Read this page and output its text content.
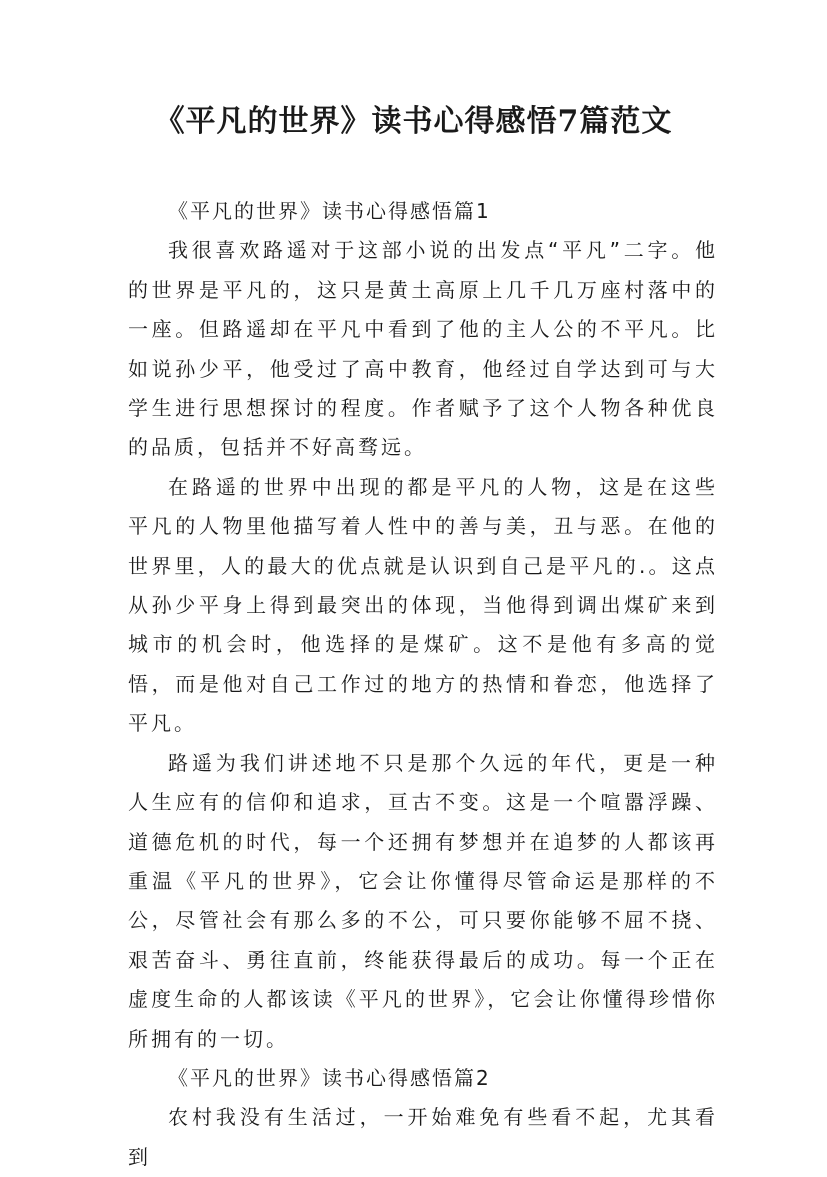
《平凡的世界》读书心得感悟7篇范文
《平凡的世界》读书心得感悟篇1

我很喜欢路遥对于这部小说的出发点“平凡”二字。他的世界是平凡的，这只是黄土高原上几千几万座村落中的一座。但路遥却在平凡中看到了他的主人公的不平凡。比如说孙少平，他受过了高中教育，他经过自学达到可与大学生进行思想探讨的程度。作者赋予了这个人物各种优良的品质，包括并不好高骛远。

在路遥的世界中出现的都是平凡的人物，这是在这些平凡的人物里他描写着人性中的善与美，丑与恶。在他的世界里，人的最大的优点就是认识到自己是平凡的.。这点从孙少平身上得到最突出的体现，当他得到调出煤矿来到城市的机会时，他选择的是煤矿。这不是他有多高的觉悟，而是他对自己工作过的地方的热情和眷恋，他选择了平凡。

路遥为我们讲述地不只是那个久远的年代，更是一种人生应有的信仰和追求，亘古不变。这是一个喧嚣浮躁、道德危机的时代，每一个还拥有梦想并在追梦的人都该再重温《平凡的世界》，它会让你懂得尽管命运是那样的不公，尽管社会有那么多的不公，可只要你能够不屈不挠、艰苦奋斗、勇往直前，终能获得最后的成功。每一个正在虚度生命的人都该读《平凡的世界》，它会让你懂得珍惜你所拥有的一切。

《平凡的世界》读书心得感悟篇2

农村我没有生活过，一开始难免有些看不起，尤其看到
